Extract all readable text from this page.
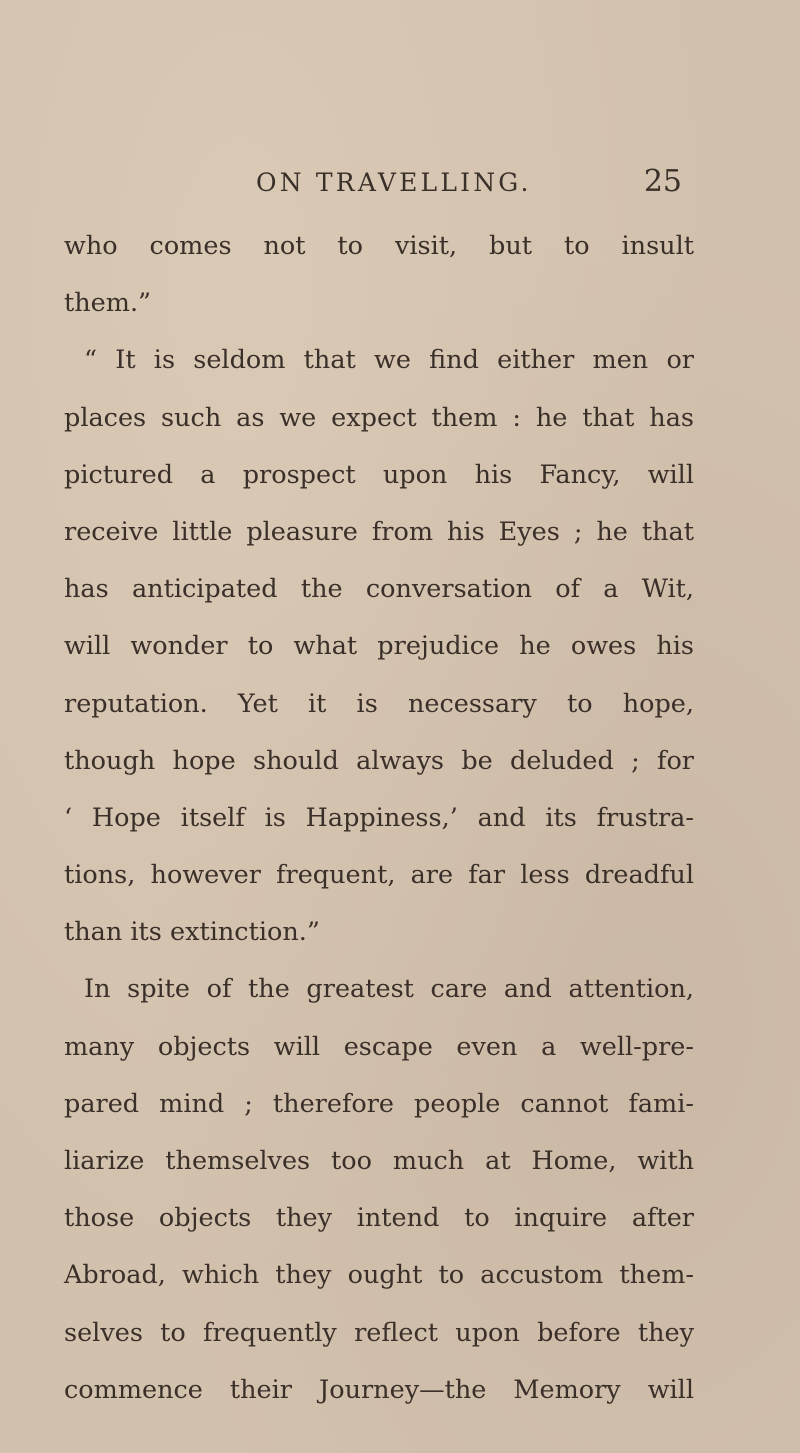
ON TRAVELLING.	25
who comes not to visit, but to insult
them.”
“ It is seldom that we find either men or
places such as we expect them : he that has
pictured a prospect upon his Fancy, will
receive little pleasure from his Eyes ; he that
has anticipated the conversation of a Wit,
will wonder to what prejudice he owes his
reputation. Yet it is necessary to hope,
though hope should always be deluded ; for
‘ Hope itself is Happiness,’ and its frustra-
tions, however frequent, are far less dreadful
than its extinction.”
In spite of the greatest care and attention,
many objects will escape even a well-pre-
pared mind ; therefore people cannot fami-
liarize themselves too much at Home, with
those objects they intend to inquire after
Abroad, which they ought to accustom them-
selves to frequently reflect upon before they
commence their Journey—the Memory will
